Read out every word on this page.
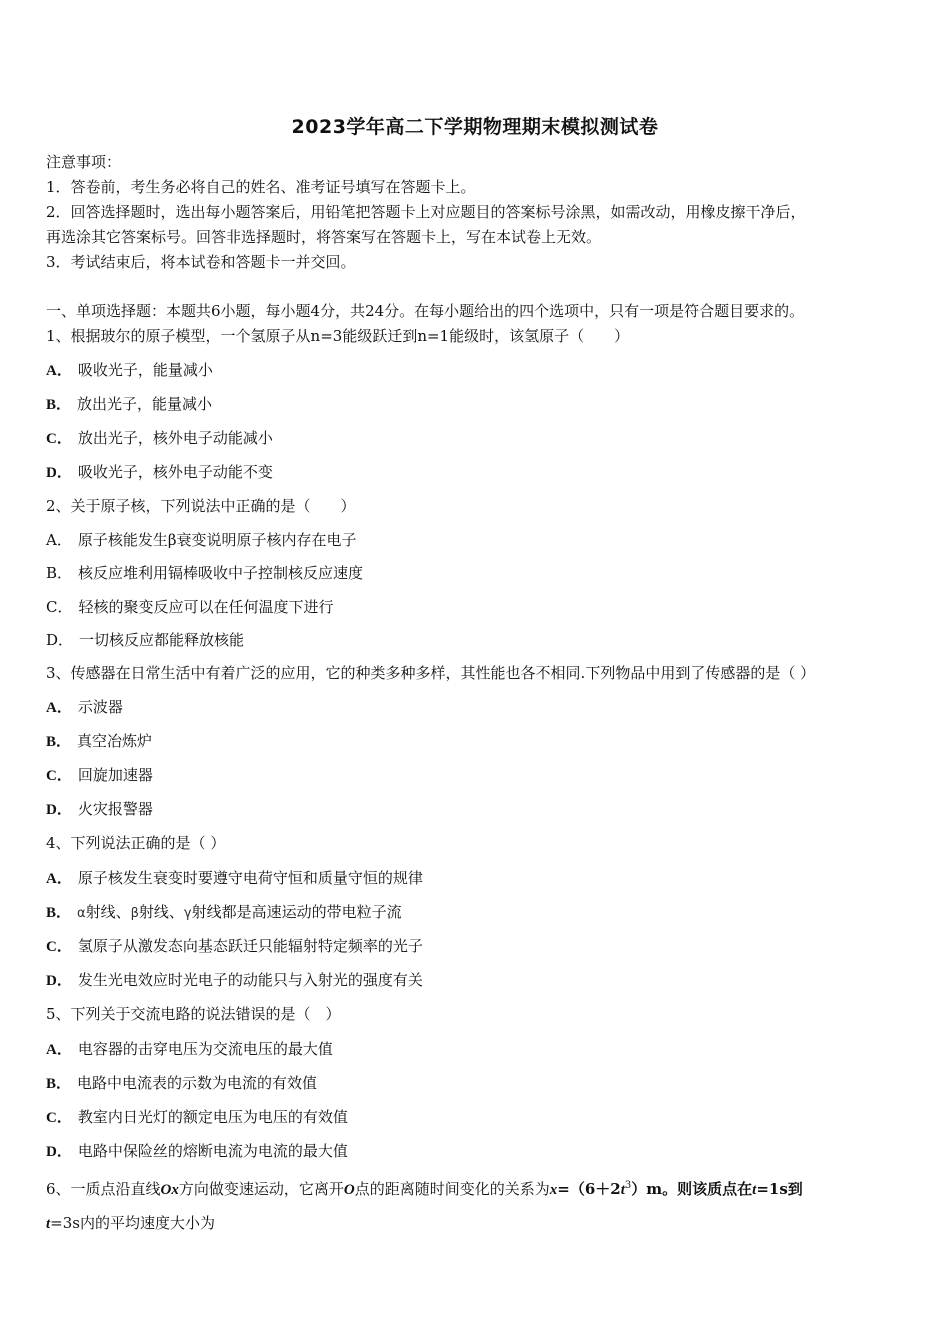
2023学年高二下学期物理期末模拟测试卷
注意事项：
1．答卷前，考生务必将自己的姓名、准考证号填写在答题卡上。
2．回答选择题时，选出每小题答案后，用铅笔把答题卡上对应题目的答案标号涂黑，如需改动，用橡皮擦干净后，
再选涂其它答案标号。回答非选择题时，将答案写在答题卡上，写在本试卷上无效。
3．考试结束后，将本试卷和答题卡一并交回。
一、单项选择题：本题共6小题，每小题4分，共24分。在每小题给出的四个选项中，只有一项是符合题目要求的。
1、根据玻尔的原子模型，一个氢原子从n=3能级跃迁到n=1能级时，该氢原子（　　）
A． 吸收光子，能量减小
B． 放出光子，能量减小
C． 放出光子，核外电子动能减小
D． 吸收光子，核外电子动能不变
2、关于原子核，下列说法中正确的是（　　）
A． 原子核能发生β衰变说明原子核内存在电子
B． 核反应堆利用镉棒吸收中子控制核反应速度
C． 轻核的聚变反应可以在任何温度下进行
D． 一切核反应都能释放核能
3、传感器在日常生活中有着广泛的应用，它的种类多种多样，其性能也各不相同.下列物品中用到了传感器的是（ ）
A． 示波器
B． 真空冶炼炉
C． 回旋加速器
D． 火灾报警器
4、下列说法正确的是（ ）
A． 原子核发生衰变时要遵守电荷守恒和质量守恒的规律
B． α射线、β射线、γ射线都是高速运动的带电粒子流
C． 氢原子从激发态向基态跃迁只能辐射特定频率的光子
D． 发生光电效应时光电子的动能只与入射光的强度有关
5、下列关于交流电路的说法错误的是（　）
A． 电容器的击穿电压为交流电压的最大值
B． 电路中电流表的示数为电流的有效值
C． 教室内日光灯的额定电压为电压的有效值
D． 电路中保险丝的熔断电流为电流的最大值
6、一质点沿直线Ox方向做变速运动，它离开O点的距离随时间变化的关系为$x=(6+2t^3)m$。则该质点在t=1s到
t=3s内的平均速度大小为
